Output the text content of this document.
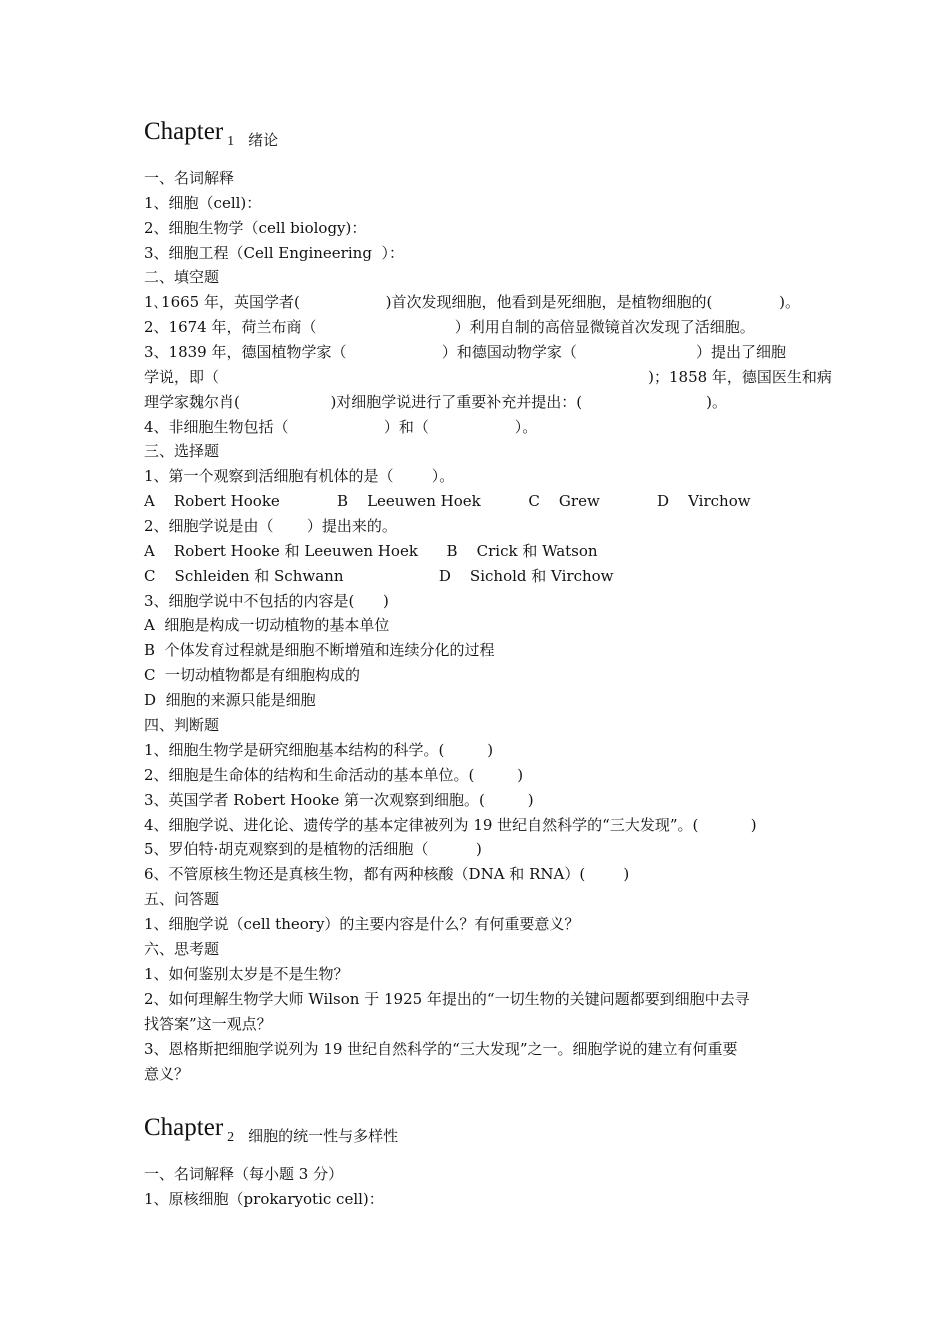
Chapter 1 绪论
一、名词解释
1、细胞（cell)：
2、细胞生物学（cell biology)：
3、细胞工程（Cell Engineering  ）：
二、填空题
1､1665 年，英国学者(                  )首次发现细胞，他看到是死细胞，是植物细胞的(              )。
2、1674 年，荷兰布商（                             ）利用自制的高倍显微镜首次发现了活细胞。
3、1839 年，德国植物学家（                    ）和德国动物学家（                         ）提出了细胞
学说，即（                                                                                          )；1858 年，德国医生和病
理学家魏尔肖(                   )对细胞学说进行了重要补充并提出：(                          )。
4、非细胞生物包括（                    ）和（                  ）。
三、选择题
1、第一个观察到活细胞有机体的是（        ）。
A    Robert Hooke            B    Leeuwen Hoek          C    Grew            D    Virchow
2、细胞学说是由（       ）提出来的。
A    Robert Hooke 和 Leeuwen Hoek      B    Crick 和 Watson
C    Schleiden 和 Schwann                    D    Sichold 和 Virchow
3、细胞学说中不包括的内容是(      )
A  细胞是构成一切动植物的基本单位
B  个体发育过程就是细胞不断增殖和连续分化的过程
C  一切动植物都是有细胞构成的
D  细胞的来源只能是细胞
四、判断题
1、细胞生物学是研究细胞基本结构的科学。(         )
2、细胞是生命体的结构和生命活动的基本单位。(         )
3、英国学者 Robert Hooke 第一次观察到细胞。(         )
4、细胞学说、进化论、遗传学的基本定律被列为 19 世纪自然科学的“三大发现”。(           )
5、罗伯特·胡克观察到的是植物的活细胞（          )
6、不管原核生物还是真核生物，都有两种核酸（DNA 和 RNA）(        )
五、问答题
1、细胞学说（cell theory）的主要内容是什么？有何重要意义？
六、思考题
1、如何鉴别太岁是不是生物？
2、如何理解生物学大师 Wilson 于 1925 年提出的“一切生物的关键问题都要到细胞中去寻
找答案”这一观点？
3、恩格斯把细胞学说列为 19 世纪自然科学的“三大发现”之一。细胞学说的建立有何重要
意义？
Chapter 2 细胞的统一性与多样性
一、名词解释（每小题 3 分）
1、原核细胞（prokaryotic cell)：
